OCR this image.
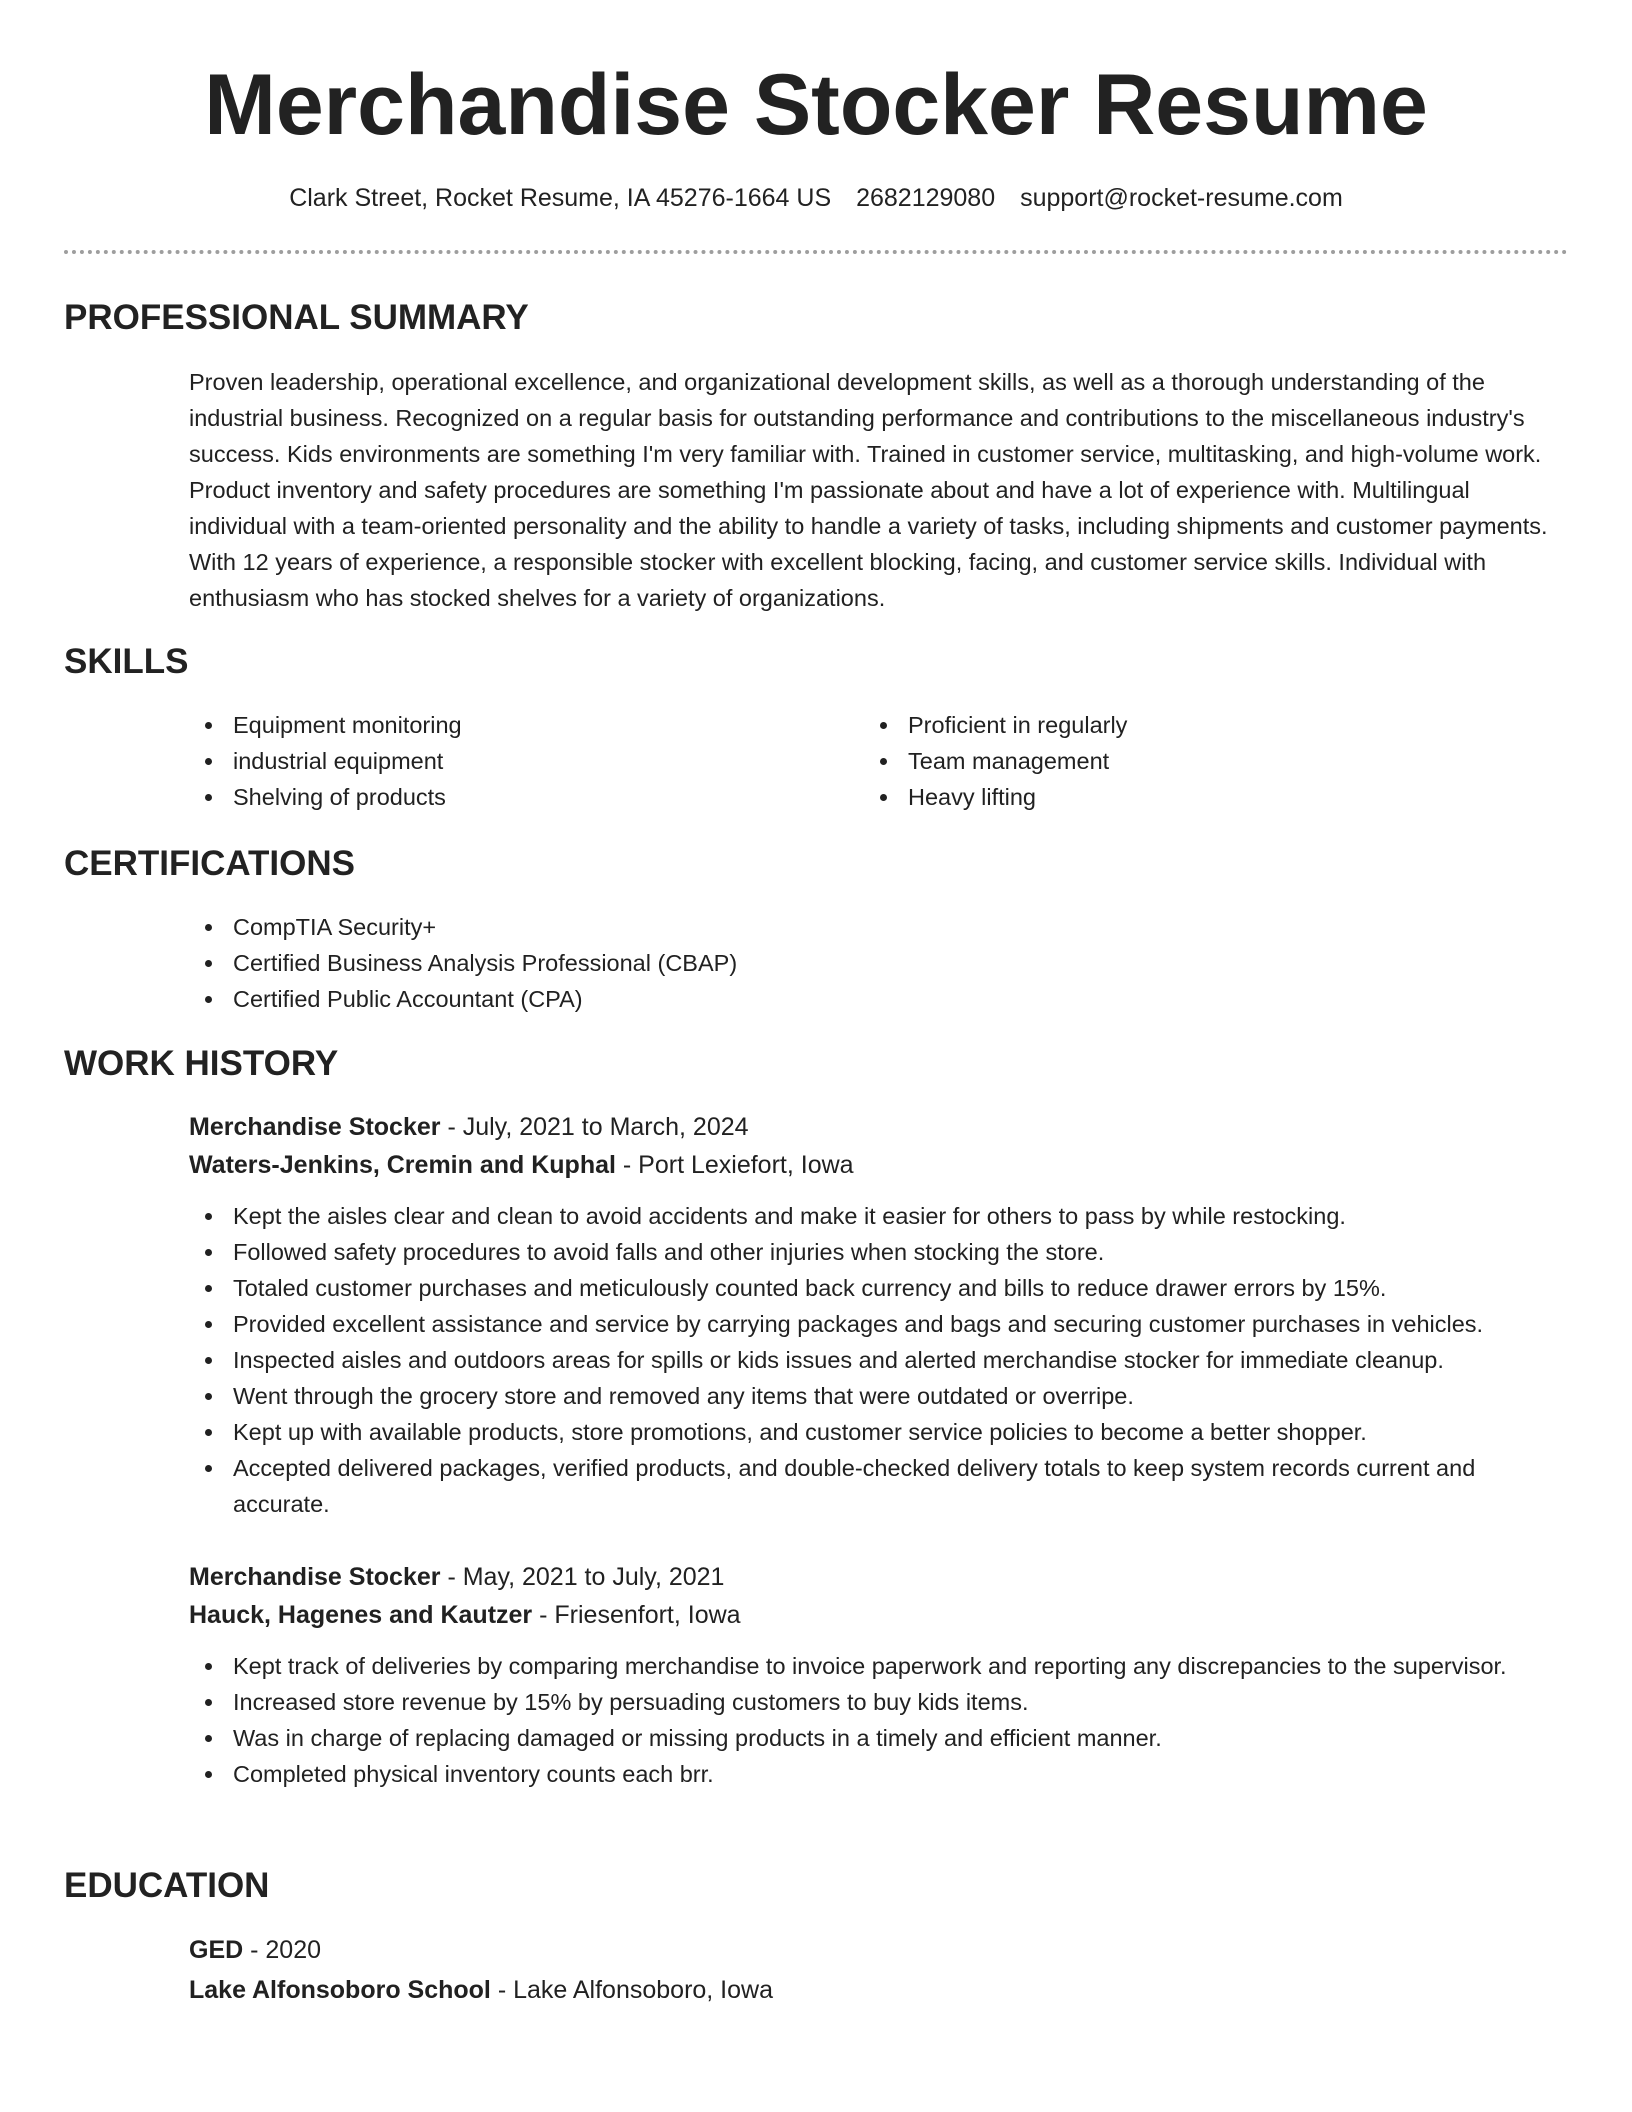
Merchandise Stocker Resume
Clark Street, Rocket Resume, IA 45276-1664 US 2682129080 support@rocket-resume.com
PROFESSIONAL SUMMARY

Proven leadership, operational excellence, and organizational development skills, as well as a thorough understanding of the industrial business. Recognized on a regular basis for outstanding performance and contributions to the miscellaneous industry's success. Kids environments are something I'm very familiar with. Trained in customer service, multitasking, and high-volume work. Product inventory and safety procedures are something I'm passionate about and have a lot of experience with. Multilingual individual with a team-oriented personality and the ability to handle a variety of tasks, including shipments and customer payments. With 12 years of experience, a responsible stocker with excellent blocking, facing, and customer service skills. Individual with enthusiasm who has stocked shelves for a variety of organizations.

SKILLS
Equipment monitoring
industrial equipment
Shelving of products
Proficient in regularly
Team management
Heavy lifting
CERTIFICATIONS
CompTIA Security+
Certified Business Analysis Professional (CBAP)
Certified Public Accountant (CPA)
WORK HISTORY
Merchandise Stocker - July, 2021 to March, 2024
Waters-Jenkins, Cremin and Kuphal - Port Lexiefort, Iowa
Kept the aisles clear and clean to avoid accidents and make it easier for others to pass by while restocking.
Followed safety procedures to avoid falls and other injuries when stocking the store.
Totaled customer purchases and meticulously counted back currency and bills to reduce drawer errors by 15%.
Provided excellent assistance and service by carrying packages and bags and securing customer purchases in vehicles.
Inspected aisles and outdoors areas for spills or kids issues and alerted merchandise stocker for immediate cleanup.
Went through the grocery store and removed any items that were outdated or overripe.
Kept up with available products, store promotions, and customer service policies to become a better shopper.
Accepted delivered packages, verified products, and double-checked delivery totals to keep system records current and accurate.
Merchandise Stocker - May, 2021 to July, 2021
Hauck, Hagenes and Kautzer - Friesenfort, Iowa
Kept track of deliveries by comparing merchandise to invoice paperwork and reporting any discrepancies to the supervisor.
Increased store revenue by 15% by persuading customers to buy kids items.
Was in charge of replacing damaged or missing products in a timely and efficient manner.
Completed physical inventory counts each brr.
EDUCATION
GED - 2020
Lake Alfonsoboro School - Lake Alfonsoboro, Iowa
